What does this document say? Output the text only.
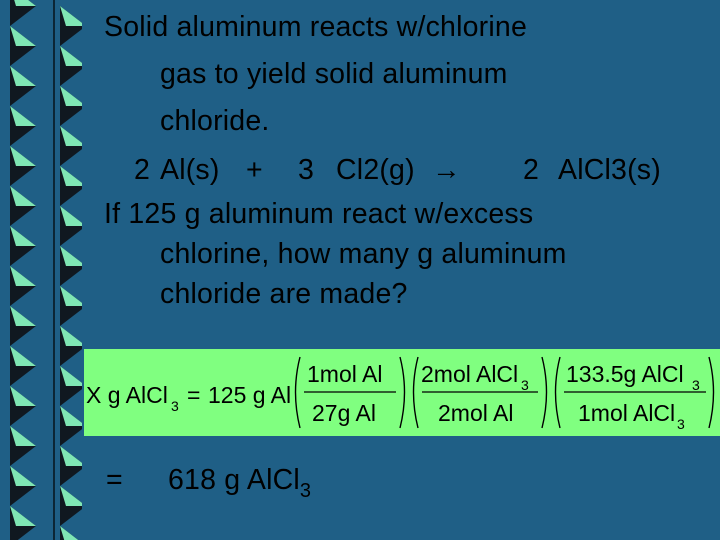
Solid aluminum reacts w/chlorine
gas to yield solid aluminum
chloride.
2 Al(s) + 3 Cl2(g) → 2 AlCl3(s)
If 125 g aluminum react w/excess
chlorine, how many g aluminum
chloride are made?
X g AlCl 3 = 125 g Al
1mol Al
27g Al
2mol AlCl 3
2mol Al
133.5g AlCl 3
1mol AlCl 3
= 618 g AlCl$_3$
